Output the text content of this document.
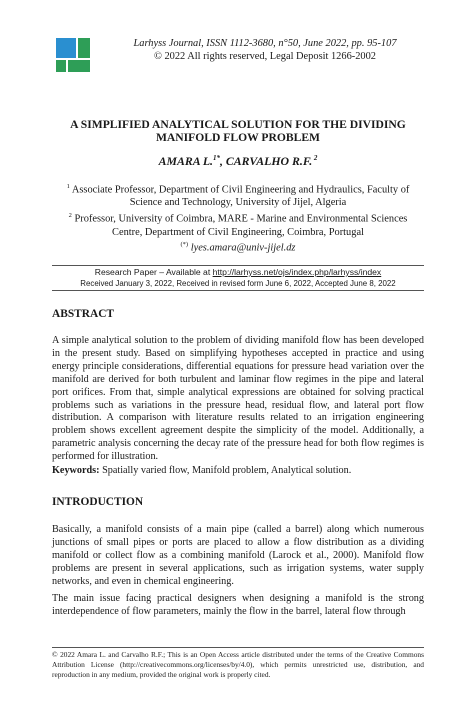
Larhyss Journal, ISSN 1112-3680, n°50, June 2022, pp. 95-107
© 2022 All rights reserved, Legal Deposit 1266-2002
A SIMPLIFIED ANALYTICAL SOLUTION FOR THE DIVIDING
MANIFOLD FLOW PROBLEM
AMARA L.$^{1*}$, CARVALHO R.F. $^2$
$^1$ Associate Professor, Department of Civil Engineering and Hydraulics, Faculty of
Science and Technology, University of Jijel, Algeria
$^2$ Professor, University of Coimbra, MARE - Marine and Environmental Sciences
Centre, Department of Civil Engineering, Coimbra, Portugal
(*) lyes.amara@univ-jijel.dz
Research Paper – Available at http://larhyss.net/ojs/index.php/larhyss/index
Received January 3, 2022, Received in revised form June 6, 2022, Accepted June 8, 2022
ABSTRACT

A simple analytical solution to the problem of dividing manifold flow has been developed in the present study. Based on simplifying hypotheses accepted in practice and using energy principle considerations, differential equations for pressure head variation over the manifold are derived for both turbulent and laminar flow regimes in the pipe and lateral port orifices. From that, simple analytical expressions are obtained for solving practical problems such as variations in the pressure head, residual flow, and lateral port flow distribution. A comparison with literature results related to an irrigation engineering problem shows excellent agreement despite the simplicity of the model. Additionally, a parametric analysis concerning the decay rate of the pressure head for both flow regimes is performed for illustration.

Keywords: Spatially varied flow, Manifold problem, Analytical solution.
INTRODUCTION

Basically, a manifold consists of a main pipe (called a barrel) along which numerous junctions of small pipes or ports are placed to allow a flow distribution as a dividing manifold or collect flow as a combining manifold (Larock et al., 2000). Manifold flow problems are present in several applications, such as irrigation systems, water supply networks, and even in chemical engineering.

The main issue facing practical designers when designing a manifold is the strong interdependence of flow parameters, mainly the flow in the barrel, lateral flow through

© 2022 Amara L. and Carvalho R.F.; This is an Open Access article distributed under the terms of the Creative Commons Attribution License (http://creativecommons.org/licenses/by/4.0), which permits unrestricted use, distribution, and reproduction in any medium, provided the original work is properly cited.
